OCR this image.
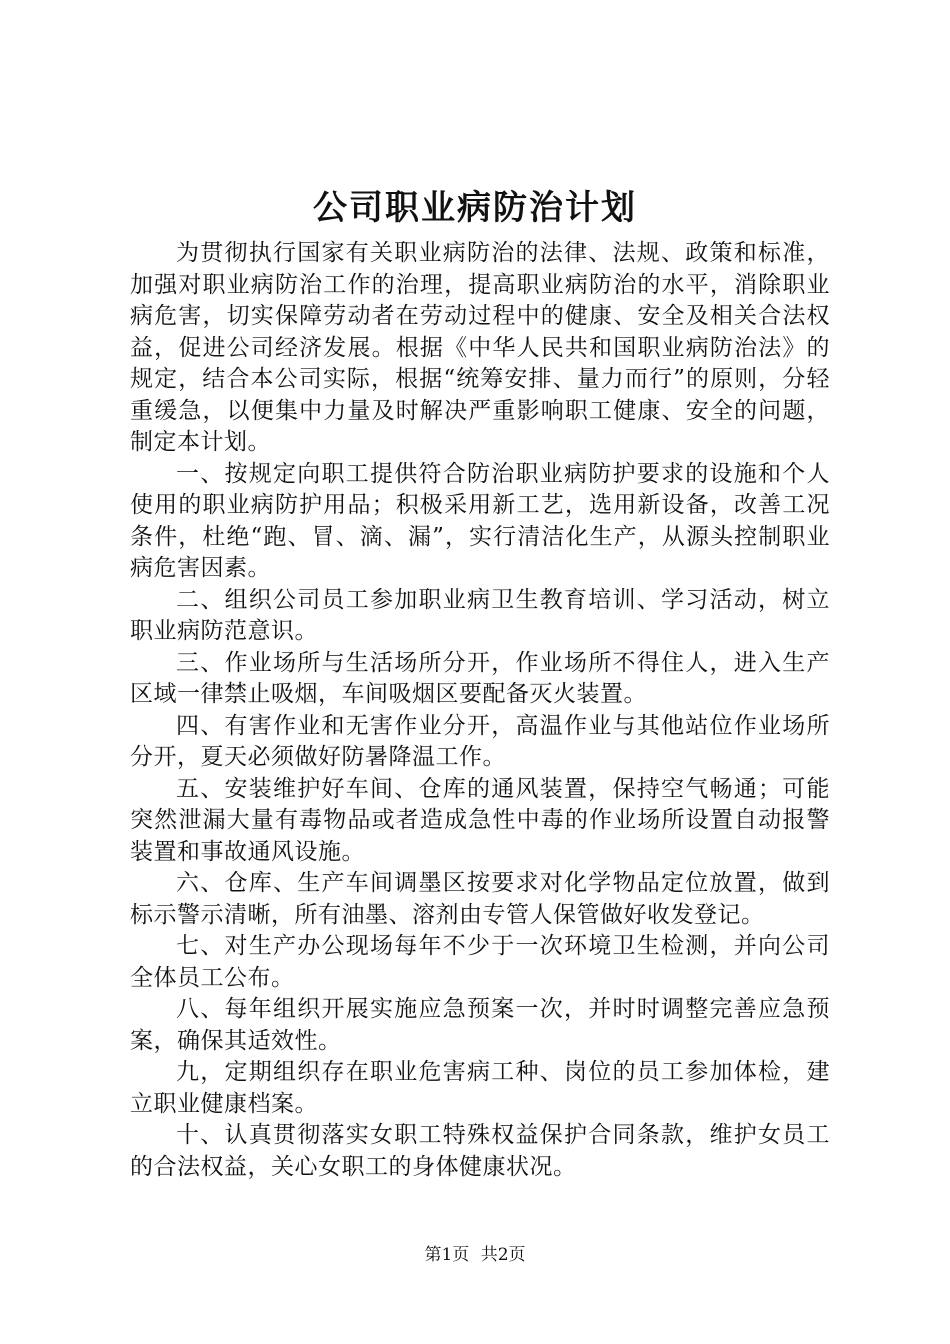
公司职业病防治计划

为贯彻执行国家有关职业病防治的法律、法规、政策和标准，加强对职业病防治工作的治理，提高职业病防治的水平，消除职业病危害，切实保障劳动者在劳动过程中的健康、安全及相关合法权益，促进公司经济发展。根据《中华人民共和国职业病防治法》的规定，结合本公司实际，根据“统筹安排、量力而行”的原则，分轻重缓急，以便集中力量及时解决严重影响职工健康、安全的问题，制定本计划。

一、按规定向职工提供符合防治职业病防护要求的设施和个人使用的职业病防护用品；积极采用新工艺，选用新设备，改善工况条件，杜绝“跑、冒、滴、漏”，实行清洁化生产，从源头控制职业病危害因素。

二、组织公司员工参加职业病卫生教育培训、学习活动，树立职业病防范意识。

三、作业场所与生活场所分开，作业场所不得住人，进入生产区域一律禁止吸烟，车间吸烟区要配备灭火装置。

四、有害作业和无害作业分开，高温作业与其他站位作业场所分开，夏天必须做好防暑降温工作。

五、安装维护好车间、仓库的通风装置，保持空气畅通；可能突然泄漏大量有毒物品或者造成急性中毒的作业场所设置自动报警装置和事故通风设施。

六、仓库、生产车间调墨区按要求对化学物品定位放置，做到标示警示清晰，所有油墨、溶剂由专管人保管做好收发登记。

七、对生产办公现场每年不少于一次环境卫生检测，并向公司全体员工公布。

八、每年组织开展实施应急预案一次，并时时调整完善应急预案，确保其适效性。

九，定期组织存在职业危害病工种、岗位的员工参加体检，建立职业健康档案。

十、认真贯彻落实女职工特殊权益保护合同条款，维护女员工的合法权益，关心女职工的身体健康状况。

第1页 共2页
